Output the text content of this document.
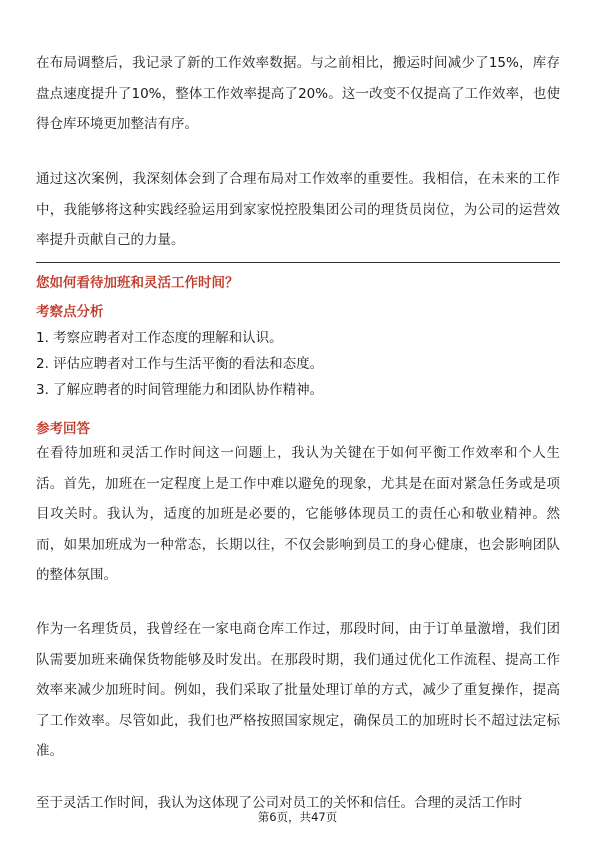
在布局调整后，我记录了新的工作效率数据。与之前相比，搬运时间减少了15%，库存盘点速度提升了10%，整体工作效率提高了20%。这一改变不仅提高了工作效率，也使得仓库环境更加整洁有序。

通过这次案例，我深刻体会到了合理布局对工作效率的重要性。我相信，在未来的工作中，我能够将这种实践经验运用到家家悦控股集团公司的理货员岗位，为公司的运营效率提升贡献自己的力量。

您如何看待加班和灵活工作时间？

考察点分析

1. 考察应聘者对工作态度的理解和认识。
2. 评估应聘者对工作与生活平衡的看法和态度。
3. 了解应聘者的时间管理能力和团队协作精神。

参考回答

在看待加班和灵活工作时间这一问题上，我认为关键在于如何平衡工作效率和个人生活。首先，加班在一定程度上是工作中难以避免的现象，尤其是在面对紧急任务或是项目攻关时。我认为，适度的加班是必要的，它能够体现员工的责任心和敬业精神。然而，如果加班成为一种常态，长期以往，不仅会影响到员工的身心健康，也会影响团队的整体氛围。

作为一名理货员，我曾经在一家电商仓库工作过，那段时间，由于订单量激增，我们团队需要加班来确保货物能够及时发出。在那段时期，我们通过优化工作流程、提高工作效率来减少加班时间。例如，我们采取了批量处理订单的方式，减少了重复操作，提高了工作效率。尽管如此，我们也严格按照国家规定，确保员工的加班时长不超过法定标准。

至于灵活工作时间，我认为这体现了公司对员工的关怀和信任。合理的灵活工作时

第6页，共47页
